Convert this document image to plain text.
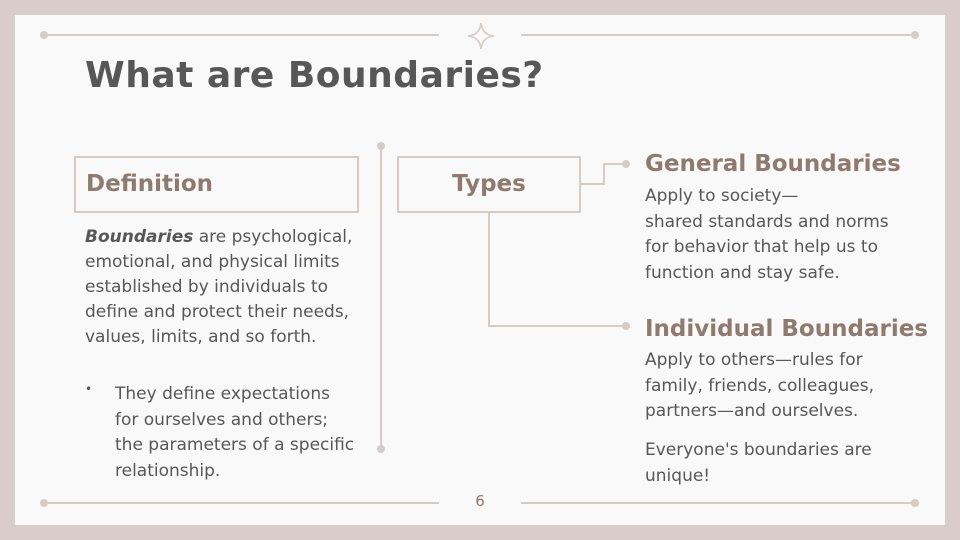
What are Boundaries?
Definition
Boundaries are psychological, emotional, and physical limits established by individuals to define and protect their needs, values, limits, and so forth.
• They define expectations for ourselves and others; the parameters of a specific relationship.
Types
General Boundaries
Apply to society—
shared standards and norms
for behavior that help us to
function and stay safe.
Individual Boundaries
Apply to others—rules for
family, friends, colleagues,
partners—and ourselves.
Everyone's boundaries are
unique!
6
